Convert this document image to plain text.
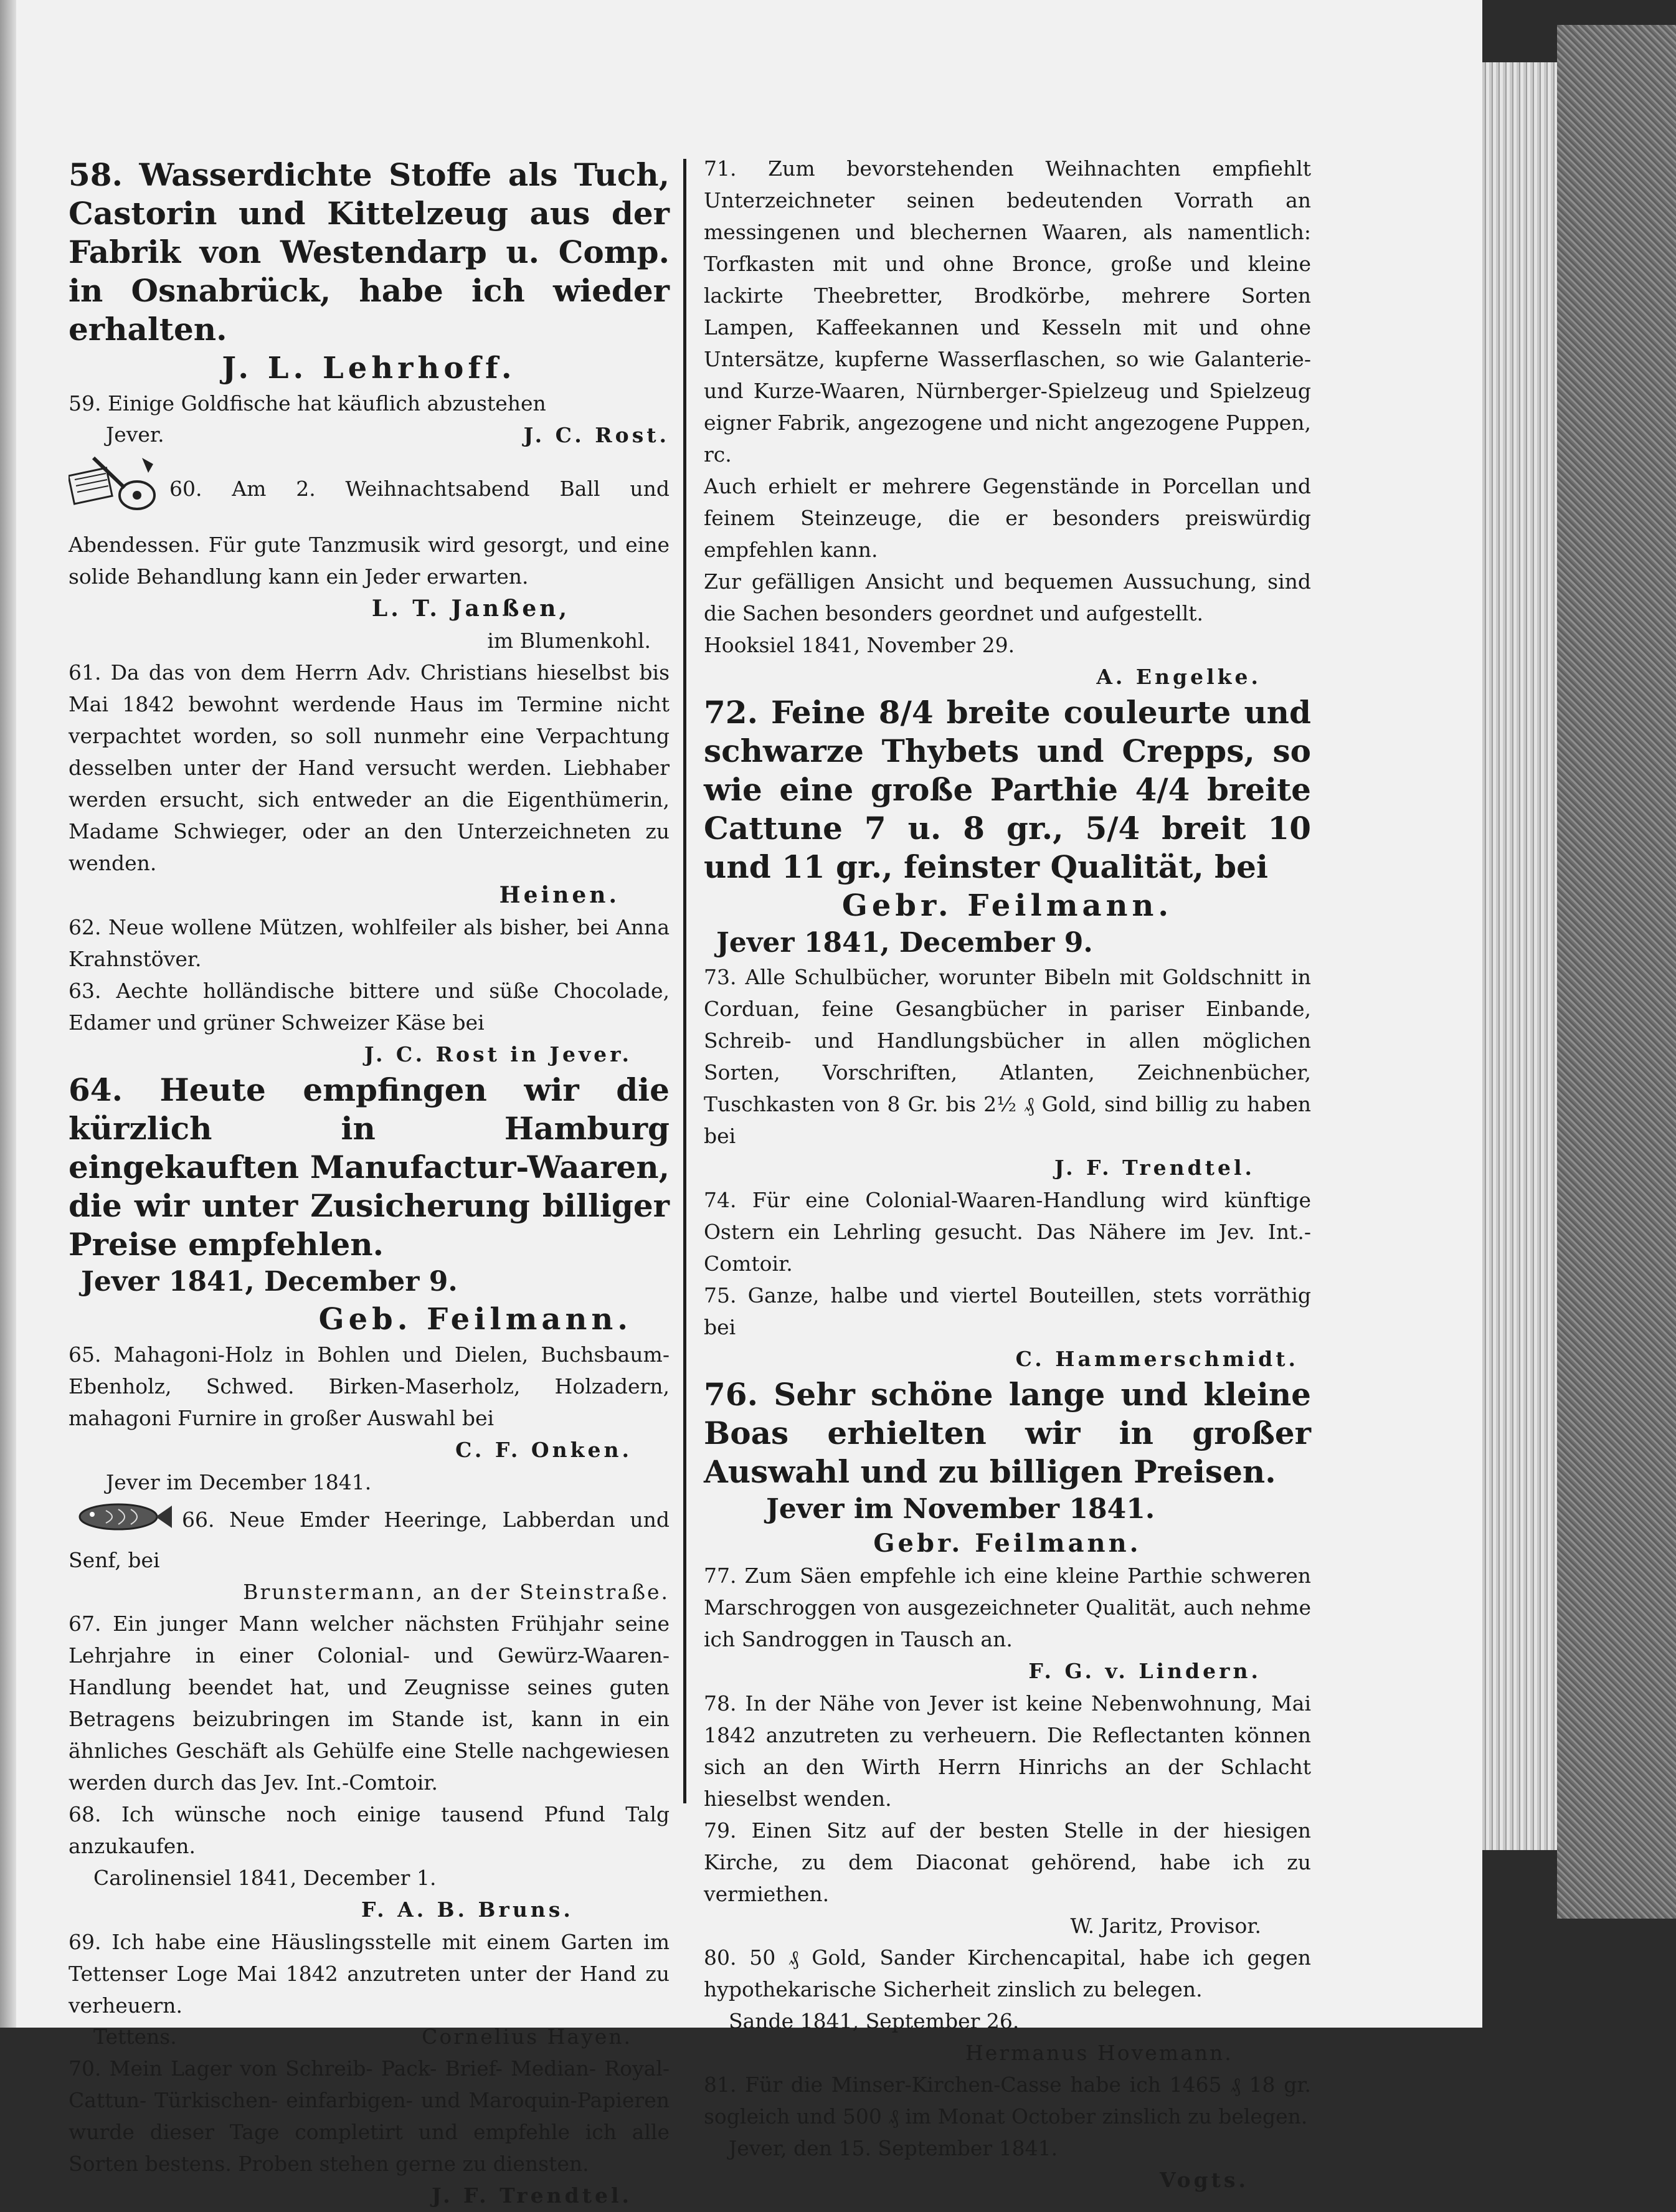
58. Wasserdichte Stoffe als Tuch, Castorin und Kittelzeug aus der Fabrik von Westendarp u. Comp. in Osnabrück, habe ich wieder erhalten.

J. L. Lehrhoff.

59. Einige Goldfische hat käuflich abzustehen

Jever.	J. C. Rost.

60. Am 2. Weihnachtsabend Ball und Abendessen. Für gute Tanzmusik wird gesorgt, und eine solide Behandlung kann ein Jeder erwarten.

L. T. Janßen,

im Blumenkohl.

61. Da das von dem Herrn Adv. Christians hieselbst bis Mai 1842 bewohnt werdende Haus im Termine nicht verpachtet worden, so soll nunmehr eine Verpachtung desselben unter der Hand versucht werden. Liebhaber werden ersucht, sich entweder an die Eigenthümerin, Madame Schwieger, oder an den Unterzeichneten zu wenden.

Heinen.

62. Neue wollene Mützen, wohlfeiler als bisher, bei Anna Krahnstöver.

63. Aechte holländische bittere und süße Chocolade, Edamer und grüner Schweizer Käse bei

J. C. Rost in Jever.

64. Heute empfingen wir die kürzlich in Hamburg eingekauften Manufactur-Waaren, die wir unter Zusicherung billiger Preise empfehlen.

Jever 1841, December 9.

Geb. Feilmann.

65. Mahagoni-Holz in Bohlen und Dielen, Buchsbaum-Ebenholz, Schwed. Birken-Maserholz, Holzadern, mahagoni Furnire in großer Auswahl bei

C. F. Onken.

Jever im December 1841.

66. Neue Emder Heeringe, Labberdan und Senf, bei

Brunstermann, an der Steinstraße.

67. Ein junger Mann welcher nächsten Frühjahr seine Lehrjahre in einer Colonial- und Gewürz-Waaren-Handlung beendet hat, und Zeugnisse seines guten Betragens beizubringen im Stande ist, kann in ein ähnliches Geschäft als Gehülfe eine Stelle nachgewiesen werden durch das Jev. Int.-Comtoir.

68. Ich wünsche noch einige tausend Pfund Talg anzukaufen.

Carolinensiel 1841, December 1.

F. A. B. Bruns.

69. Ich habe eine Häuslingsstelle mit einem Garten im Tettenser Loge Mai 1842 anzutreten unter der Hand zu verheuern.

Tettens.	Cornelius Hayen.

70. Mein Lager von Schreib- Pack- Brief- Median- Royal- Cattun- Türkischen- einfarbigen- und Maroquin-Papieren wurde dieser Tage completirt und empfehle ich alle Sorten bestens. Proben stehen gerne zu diensten.

J. F. Trendtel.

71. Zum bevorstehenden Weihnachten empfiehlt Unterzeichneter seinen bedeutenden Vorrath an messingenen und blechernen Waaren, als namentlich: Torfkasten mit und ohne Bronce, große und kleine lackirte Theebretter, Brodkörbe, mehrere Sorten Lampen, Kaffeekannen und Kesseln mit und ohne Untersätze, kupferne Wasserflaschen, so wie Galanterie- und Kurze-Waaren, Nürnberger-Spielzeug und Spielzeug eigner Fabrik, angezogene und nicht angezogene Puppen, rc.

Auch erhielt er mehrere Gegenstände in Porcellan und feinem Steinzeuge, die er besonders preiswürdig empfehlen kann.

Zur gefälligen Ansicht und bequemen Aussuchung, sind die Sachen besonders geordnet und aufgestellt.

Hooksiel 1841, November 29.

A. Engelke.

72. Feine 8/4 breite couleurte und schwarze Thybets und Crepps, so wie eine große Parthie 4/4 breite Cattune 7 u. 8 gr., 5/4 breit 10 und 11 gr., feinster Qualität, bei

Gebr. Feilmann.

Jever 1841, December 9.

73. Alle Schulbücher, worunter Bibeln mit Goldschnitt in Corduan, feine Gesangbücher in pariser Einbande, Schreib- und Handlungsbücher in allen möglichen Sorten, Vorschriften, Atlanten, Zeichnenbücher, Tuschkasten von 8 Gr. bis 2½ ₰ Gold, sind billig zu haben bei

J. F. Trendtel.

74. Für eine Colonial-Waaren-Handlung wird künftige Ostern ein Lehrling gesucht. Das Nähere im Jev. Int.-Comtoir.

75. Ganze, halbe und viertel Bouteillen, stets vorräthig bei

C. Hammerschmidt.

76. Sehr schöne lange und kleine Boas erhielten wir in großer Auswahl und zu billigen Preisen.

Jever im November 1841.

Gebr. Feilmann.

77. Zum Säen empfehle ich eine kleine Parthie schweren Marschroggen von ausgezeichneter Qualität, auch nehme ich Sandroggen in Tausch an.

F. G. v. Lindern.

78. In der Nähe von Jever ist keine Nebenwohnung, Mai 1842 anzutreten zu verheuern. Die Reflectanten können sich an den Wirth Herrn Hinrichs an der Schlacht hieselbst wenden.

79. Einen Sitz auf der besten Stelle in der hiesigen Kirche, zu dem Diaconat gehörend, habe ich zu vermiethen.

W. Jaritz, Provisor.

80. 50 ₰ Gold, Sander Kirchencapital, habe ich gegen hypothekarische Sicherheit zinslich zu belegen.

Sande 1841, September 26.

Hermanus Hovemann.

81. Für die Minser-Kirchen-Casse habe ich 1465 ₰ 18 gr. sogleich und 500 ₰ im Monat October zinslich zu belegen.

Jever, den 15. September 1841.

Vogts.
